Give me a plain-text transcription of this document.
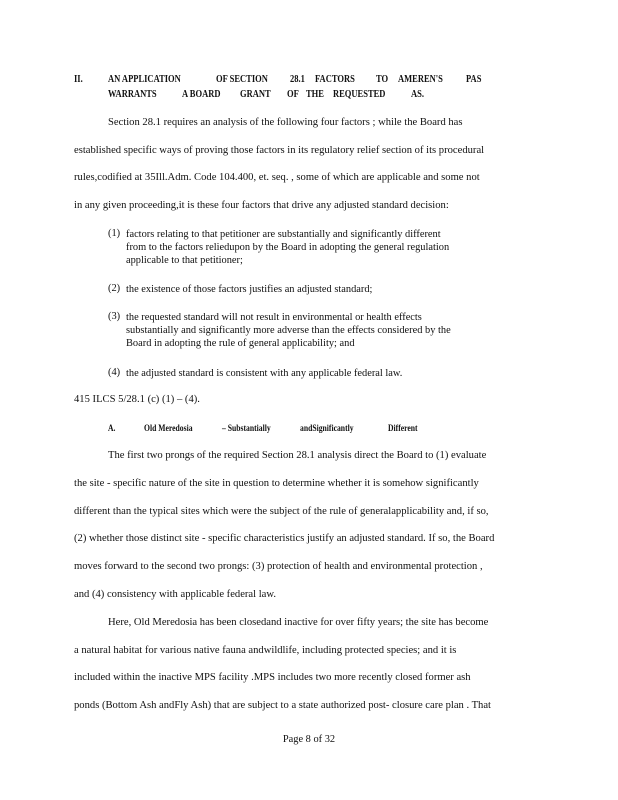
II.	AN APPLICATION	OF SECTION 28.1 FACTORS TO AMEREN'S PAS
WARRANTS	A BOARD GRANT OF THE REQUESTED	AS.
Section 28.1 requires an analysis of the following four factors ; while the Board has
established specific ways of proving those factors in its regulatory relief section of its procedural
rules,codified at 35Ill.Adm. Code 104.400, et. seq. , some of which are applicable and some not
in any given proceeding,it is these four factors that drive any adjusted standard decision:
(1) factors relating to that petitioner are substantially and significantly different
from to the factors reliedupon by the Board in adopting the general regulation
applicable to that petitioner;
(2) the existence of those factors justifies an adjusted standard;
(3) the requested standard will not result in environmental or health effects
substantially and significantly more adverse than the effects considered by the
Board in adopting the rule of general applicability; and
(4) the adjusted standard is consistent with any applicable federal law.
415 ILCS 5/28.1 (c) (1) – (4).
A.	Old Meredosia	– Substantially	andSignificantly	Different
The first two prongs of the required Section 28.1 analysis direct the Board to (1) evaluate
the site - specific nature of the site in question to determine whether it is somehow significantly
different than the typical sites which were the subject of the rule of generalapplicability and, if so,
(2) whether those distinct site - specific characteristics justify an adjusted standard. If so, the Board
moves forward to the second two prongs: (3) protection of health and environmental protection ,
and (4) consistency with applicable federal law.
Here, Old Meredosia has been closedand inactive for over fifty years; the site has become
a natural habitat for various native fauna andwildlife, including protected species; and it is
included within the inactive MPS facility .MPS includes two more recently closed former ash
ponds (Bottom Ash andFly Ash) that are subject to a state authorized post- closure care plan . That
Page 8 of 32
